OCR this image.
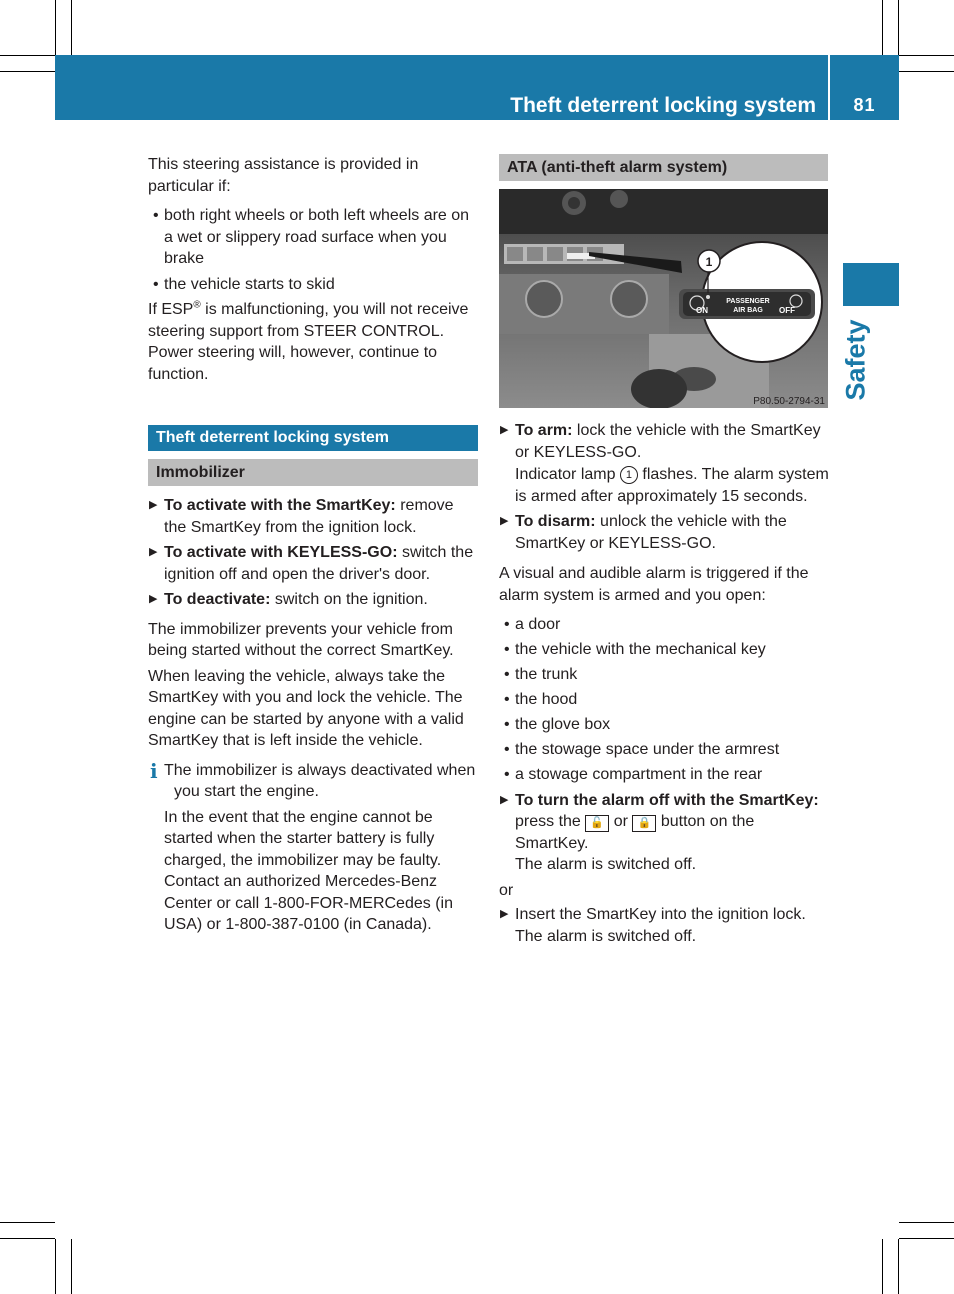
Theft deterrent locking system	81
Safety

This steering assistance is provided in particular if:

• both right wheels or both left wheels are on a wet or slippery road surface when you brake

• the vehicle starts to skid

If ESP® is malfunctioning, you will not receive steering support from STEER CONTROL. Power steering will, however, continue to function.

Theft deterrent locking system
Immobilizer

▶ To activate with the SmartKey: remove the SmartKey from the ignition lock.

▶ To activate with KEYLESS-GO: switch the ignition off and open the driver's door.

▶ To deactivate: switch on the ignition.

The immobilizer prevents your vehicle from being started without the correct SmartKey.

When leaving the vehicle, always take the SmartKey with you and lock the vehicle. The engine can be started by anyone with a valid SmartKey that is left inside the vehicle.

i The immobilizer is always deactivated when you start the engine.

In the event that the engine cannot be started when the starter battery is fully charged, the immobilizer may be faulty. Contact an authorized Mercedes-Benz Center or call 1-800-FOR-MERCedes (in USA) or 1-800-387-0100 (in Canada).

ATA (anti-theft alarm system)
ON
PASSENGER
AIR BAG OFF
1
P80.50-2794-31
▶ To arm: lock the vehicle with the SmartKey or KEYLESS-GO.

Indicator lamp 1 flashes. The alarm system is armed after approximately 15 seconds.

▶ To disarm: unlock the vehicle with the SmartKey or KEYLESS-GO.

A visual and audible alarm is triggered if the alarm system is armed and you open:

• a door

• the vehicle with the mechanical key

• the trunk

• the hood

• the glove box

• the stowage space under the armrest

• a stowage compartment in the rear

▶ To turn the alarm off with the SmartKey: press the 🔓 or 🔒 button on the SmartKey.

The alarm is switched off.

or

▶ Insert the SmartKey into the ignition lock.

The alarm is switched off.
